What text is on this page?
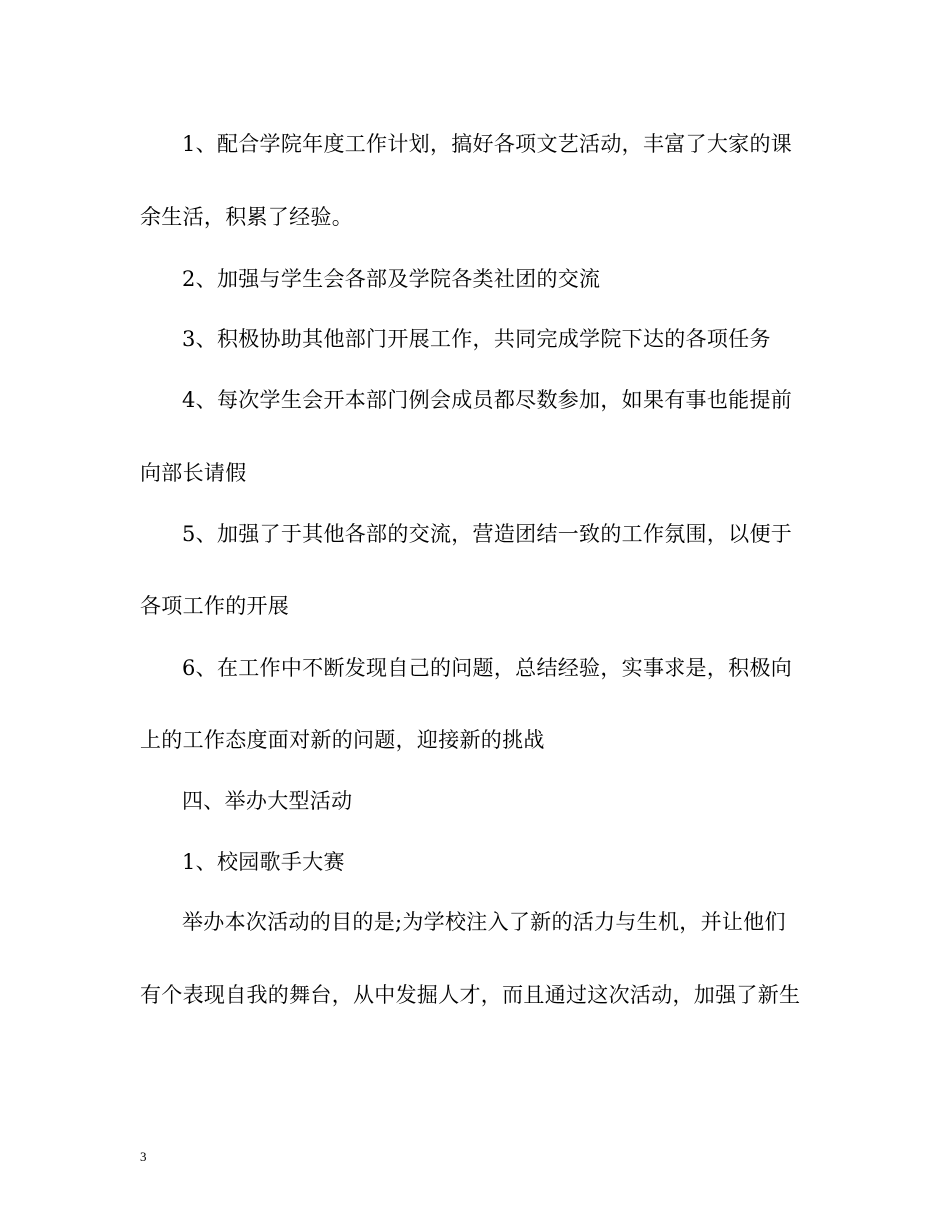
1、配合学院年度工作计划，搞好各项文艺活动，丰富了大家的课
余生活，积累了经验。
2、加强与学生会各部及学院各类社团的交流
3、积极协助其他部门开展工作，共同完成学院下达的各项任务
4、每次学生会开本部门例会成员都尽数参加，如果有事也能提前
向部长请假
5、加强了于其他各部的交流，营造团结一致的工作氛围，以便于
各项工作的开展
6、在工作中不断发现自己的问题，总结经验，实事求是，积极向
上的工作态度面对新的问题，迎接新的挑战
四、举办大型活动
1、校园歌手大赛
举办本次活动的目的是;为学校注入了新的活力与生机，并让他们
有个表现自我的舞台，从中发掘人才，而且通过这次活动，加强了新生
3
